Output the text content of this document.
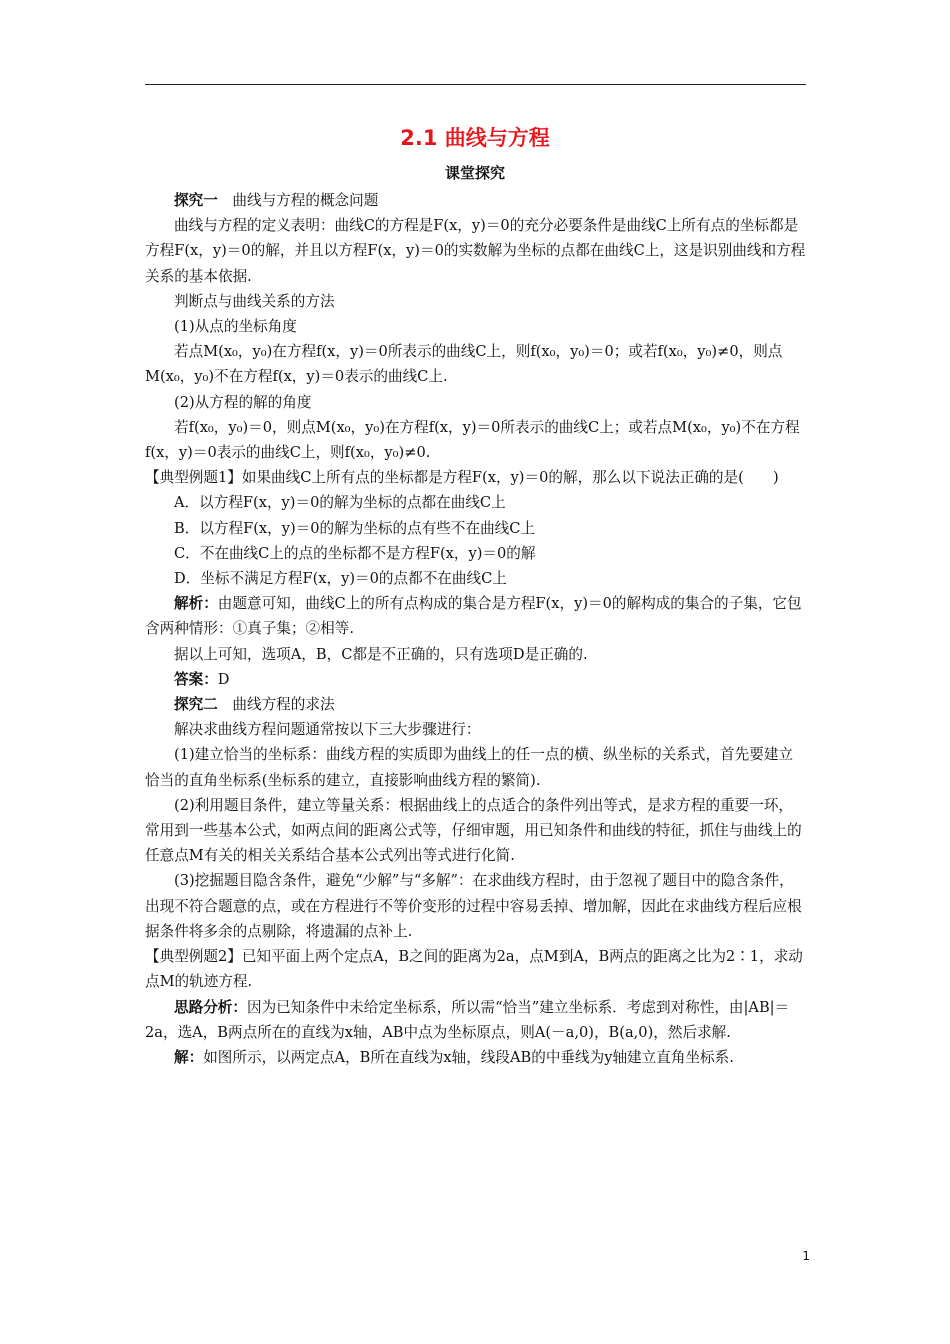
2.1 曲线与方程
课堂探究

探究一　曲线与方程的概念问题

曲线与方程的定义表明：曲线C的方程是F(x，y)＝0的充分必要条件是曲线C上所有点的坐标都是方程F(x，y)＝0的解，并且以方程F(x，y)＝0的实数解为坐标的点都在曲线C上，这是识别曲线和方程关系的基本依据.

判断点与曲线关系的方法

(1)从点的坐标角度

若点M(x₀，y₀)在方程f(x，y)＝0所表示的曲线C上，则f(x₀，y₀)＝0；或若f(x₀，y₀)≠0，则点M(x₀，y₀)不在方程f(x，y)＝0表示的曲线C上.

(2)从方程的解的角度

若f(x₀，y₀)＝0，则点M(x₀，y₀)在方程f(x，y)＝0所表示的曲线C上；或若点M(x₀，y₀)不在方程f(x，y)＝0表示的曲线C上，则f(x₀，y₀)≠0.

【典型例题1】如果曲线C上所有点的坐标都是方程F(x，y)＝0的解，那么以下说法正确的是(　　)

A．以方程F(x，y)＝0的解为坐标的点都在曲线C上

B．以方程F(x，y)＝0的解为坐标的点有些不在曲线C上

C．不在曲线C上的点的坐标都不是方程F(x，y)＝0的解

D．坐标不满足方程F(x，y)＝0的点都不在曲线C上

解析：由题意可知，曲线C上的所有点构成的集合是方程F(x，y)＝0的解构成的集合的子集，它包含两种情形：①真子集；②相等.

据以上可知，选项A，B，C都是不正确的，只有选项D是正确的.

答案：D

探究二　曲线方程的求法

解决求曲线方程问题通常按以下三大步骤进行：

(1)建立恰当的坐标系：曲线方程的实质即为曲线上的任一点的横、纵坐标的关系式，首先要建立恰当的直角坐标系(坐标系的建立，直接影响曲线方程的繁简).

(2)利用题目条件，建立等量关系：根据曲线上的点适合的条件列出等式，是求方程的重要一环，常用到一些基本公式，如两点间的距离公式等，仔细审题，用已知条件和曲线的特征，抓住与曲线上的任意点M有关的相关关系结合基本公式列出等式进行化简.

(3)挖掘题目隐含条件，避免“少解”与“多解”：在求曲线方程时，由于忽视了题目中的隐含条件，出现不符合题意的点，或在方程进行不等价变形的过程中容易丢掉、增加解，因此在求曲线方程后应根据条件将多余的点剔除，将遗漏的点补上.

【典型例题2】已知平面上两个定点A，B之间的距离为2a，点M到A，B两点的距离之比为2∶1，求动点M的轨迹方程.

思路分析：因为已知条件中未给定坐标系，所以需“恰当”建立坐标系．考虑到对称性，由|AB|＝2a，选A，B两点所在的直线为x轴，AB中点为坐标原点，则A(－a,0)，B(a,0)，然后求解.

解：如图所示，以两定点A，B所在直线为x轴，线段AB的中垂线为y轴建立直角坐标系.

1
